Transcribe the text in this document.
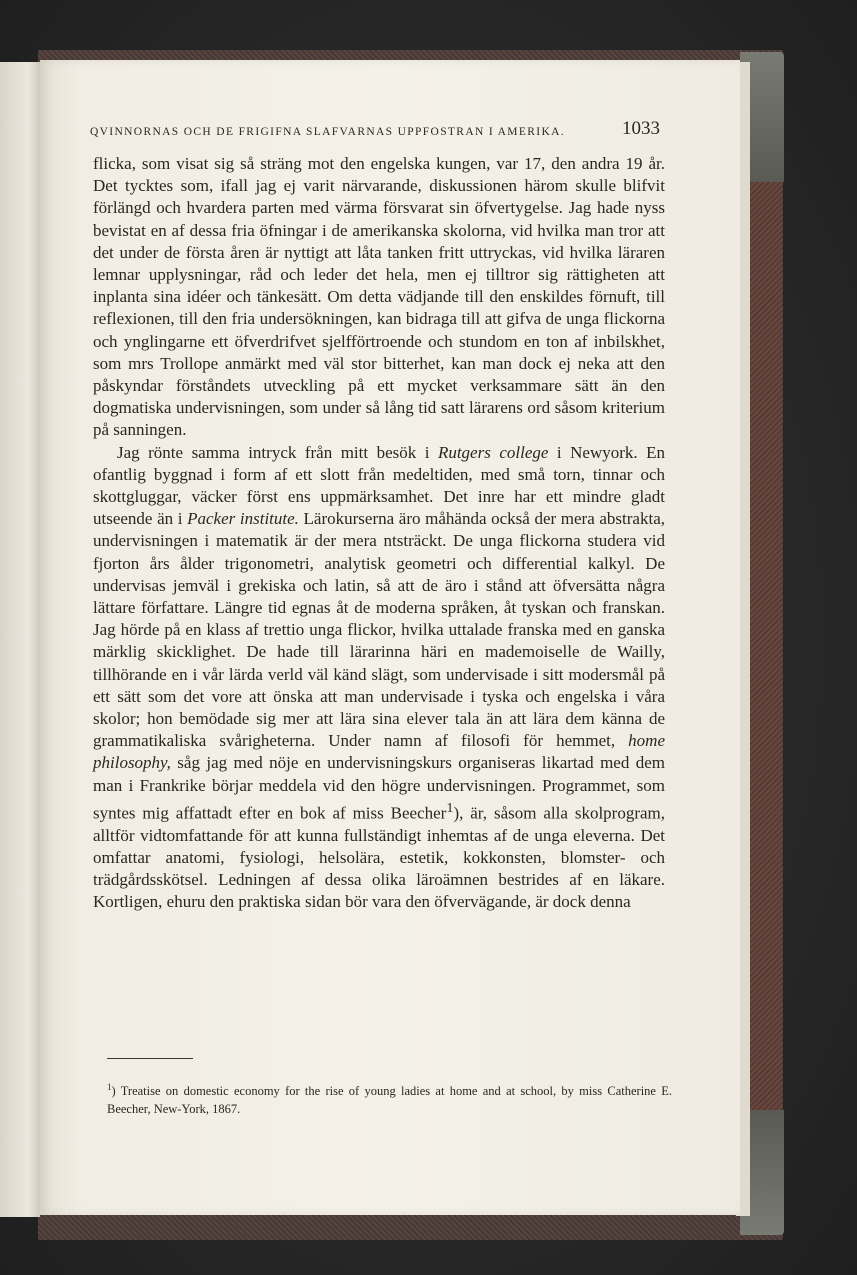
QVINNORNAS OCH DE FRIGIFNA SLAFVARNAS UPPFOSTRAN I AMERIKA.	1033

flicka, som visat sig så sträng mot den engelska kungen, var 17, den andra 19 år. Det tycktes som, ifall jag ej varit närvarande, diskussionen härom skulle blifvit förlängd och hvardera parten med värma försvarat sin öfvertygelse. Jag hade nyss bevistat en af dessa fria öfningar i de amerikanska skolorna, vid hvilka man tror att det under de första åren är nyttigt att låta tanken fritt uttryckas, vid hvilka läraren lemnar upplysningar, råd och leder det hela, men ej tilltror sig rättigheten att inplanta sina idéer och tänkesätt. Om detta vädjande till den enskildes förnuft, till reflexionen, till den fria undersökningen, kan bidraga till att gifva de unga flickorna och ynglingarne ett öfverdrifvet sjelfförtroende och stundom en ton af inbilskhet, som mrs Trollope anmärkt med väl stor bitterhet, kan man dock ej neka att den påskyndar förståndets utveckling på ett mycket verksammare sätt än den dogmatiska undervisningen, som under så lång tid satt lärarens ord såsom kriterium på sanningen.

Jag rönte samma intryck från mitt besök i Rutgers college i Newyork. En ofantlig byggnad i form af ett slott från medeltiden, med små torn, tinnar och skottgluggar, väcker först ens uppmärksamhet. Det inre har ett mindre gladt utseende än i Packer institute. Lärokurserna äro måhända också der mera abstrakta, undervisningen i matematik är der mera ntsträckt. De unga flickorna studera vid fjorton års ålder trigonometri, analytisk geometri och differential kalkyl. De undervisas jemväl i grekiska och latin, så att de äro i stånd att öfversätta några lättare författare. Längre tid egnas åt de moderna språken, åt tyskan och franskan. Jag hörde på en klass af trettio unga flickor, hvilka uttalade franska med en ganska märklig skicklighet. De hade till lärarinna häri en mademoiselle de Wailly, tillhörande en i vår lärda verld väl känd slägt, som undervisade i sitt modersmål på ett sätt som det vore att önska att man undervisade i tyska och engelska i våra skolor; hon bemödade sig mer att lära sina elever tala än att lära dem känna de grammatikaliska svårigheterna. Under namn af filosofi för hemmet, home philosophy, såg jag med nöje en undervisningskurs organiseras likartad med dem man i Frankrike börjar meddela vid den högre undervisningen. Programmet, som syntes mig affattadt efter en bok af miss Beecher$^1$), är, såsom alla skolprogram, alltför vidtomfattande för att kunna fullständigt inhemtas af de unga eleverna. Det omfattar anatomi, fysiologi, helsolära, estetik, kokkonsten, blomster- och trädgårdsskötsel. Ledningen af dessa olika läroämnen bestrides af en läkare. Kortligen, ehuru den praktiska sidan bör vara den öfvervägande, är dock denna

$^1$) Treatise on domestic economy for the rise of young ladies at home and at school, by miss Catherine E. Beecher, New-York, 1867.
